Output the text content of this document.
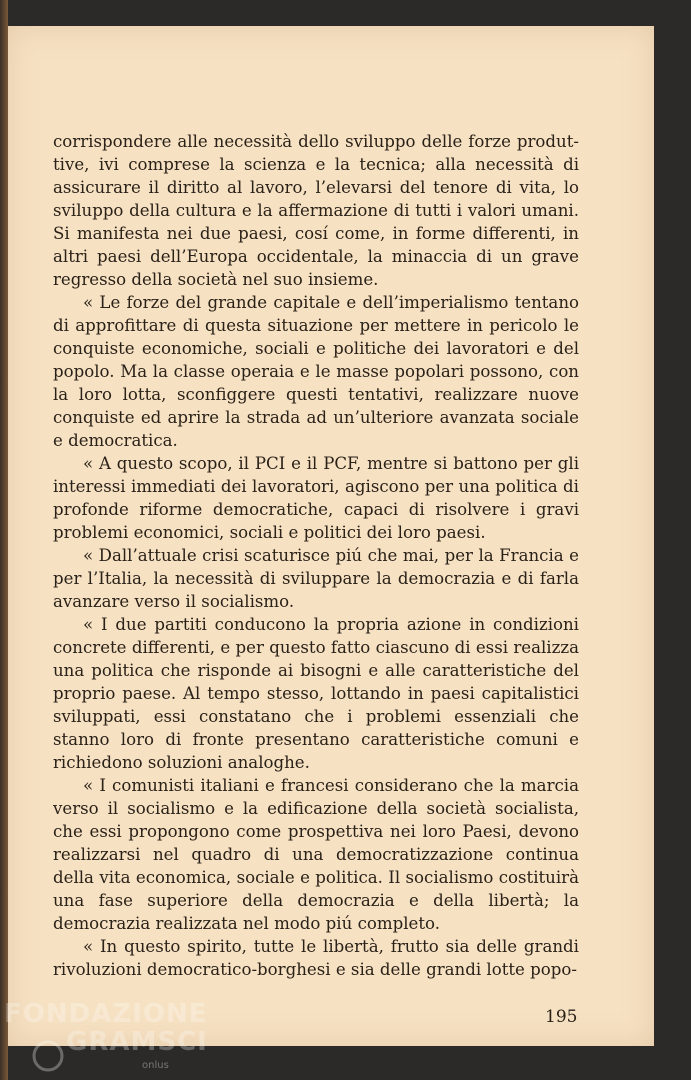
corrispondere alle necessità dello sviluppo delle forze produttive, ivi comprese la scienza e la tecnica; alla necessità di assicurare il diritto al lavoro, l’elevarsi del tenore di vita, lo sviluppo della cultura e la affermazione di tutti i valori umani. Si manifesta nei due paesi, cosí come, in forme differenti, in altri paesi dell’Europa occidentale, la minaccia di un grave regresso della società nel suo insieme.

« Le forze del grande capitale e dell’imperialismo tentano di approfittare di questa situazione per mettere in pericolo le conquiste economiche, sociali e politiche dei lavoratori e del popolo. Ma la classe operaia e le masse popolari possono, con la loro lotta, sconfiggere questi tentativi, realizzare nuove conquiste ed aprire la strada ad un’ulteriore avanzata sociale e democratica.

« A questo scopo, il PCI e il PCF, mentre si battono per gli interessi immediati dei lavoratori, agiscono per una politica di profonde riforme democratiche, capaci di risolvere i gravi problemi economici, sociali e politici dei loro paesi.

« Dall’attuale crisi scaturisce piú che mai, per la Francia e per l’Italia, la necessità di sviluppare la democrazia e di farla avanzare verso il socialismo.

« I due partiti conducono la propria azione in condizioni concrete differenti, e per questo fatto ciascuno di essi realizza una politica che risponde ai bisogni e alle caratteristiche del proprio paese. Al tempo stesso, lottando in paesi capitalistici sviluppati, essi constatano che i problemi essenziali che stanno loro di fronte presentano caratteristiche comuni e richiedono soluzioni analoghe.

« I comunisti italiani e francesi considerano che la marcia verso il socialismo e la edificazione della società socialista, che essi propongono come prospettiva nei loro Paesi, devono realizzarsi nel quadro di una democratizzazione continua della vita economica, sociale e politica. Il socialismo costituirà una fase superiore della democrazia e della libertà; la democrazia realizzata nel modo piú completo.

« In questo spirito, tutte le libertà, frutto sia delle grandi rivoluzioni democratico-borghesi e sia delle grandi lotte popo-

195
FONDAZIONE
GRAMSCI
onlus
